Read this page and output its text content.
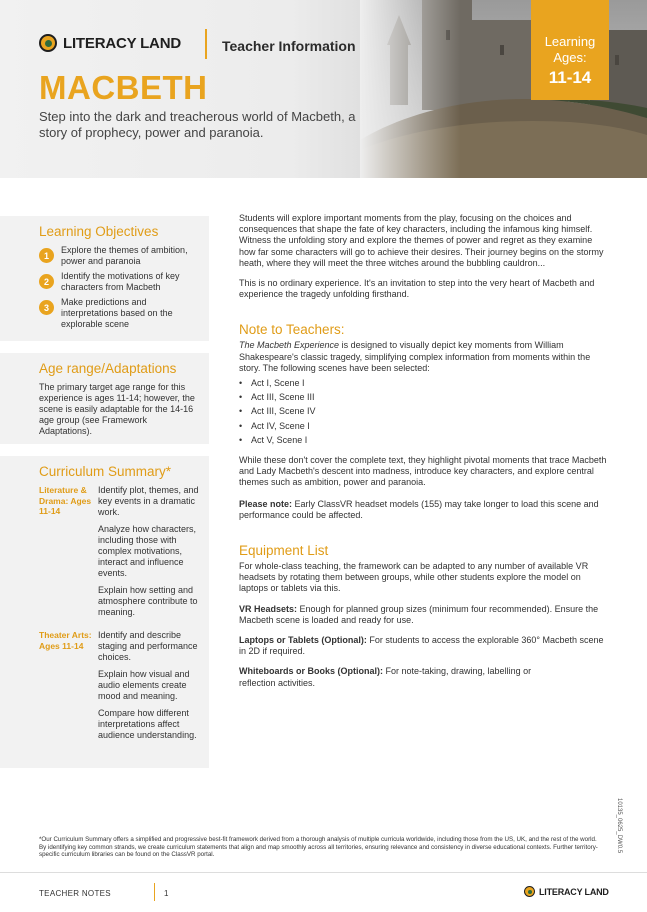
LITERACY LAND	Teacher Information
MACBETH
Step into the dark and treacherous world of Macbeth, a story of prophecy, power and paranoia.
Learning
Ages:
11-14
Learning Objectives
1
Explore the themes of ambition, power and paranoia
2
Identify the motivations of key characters from Macbeth
3
Make predictions and interpretations based on the explorable scene
Age range/Adaptations

The primary target age range for this experience is ages 11-14; however, the scene is easily adaptable for the 14-16 age group (see Framework Adaptations).

Curriculum Summary*
Literature & Drama: Ages 11-14

Identify plot, themes, and key events in a dramatic work.

Analyze how characters, including those with complex motivations, interact and influence events.

Explain how setting and atmosphere contribute to meaning.

Theater Arts: Ages 11-14

Identify and describe staging and performance choices.

Explain how visual and audio elements create mood and meaning.

Compare how different interpretations affect audience understanding.

Students will explore important moments from the play, focusing on the choices and consequences that shape the fate of key characters, including the infamous king himself. Witness the unfolding story and explore the themes of power and regret as they examine how far some characters will go to achieve their desires. Their journey begins on the stormy heath, where they will meet the three witches around the bubbling cauldron...

This is no ordinary experience. It's an invitation to step into the very heart of Macbeth and experience the tragedy unfolding firsthand.

Note to Teachers:

The Macbeth Experience is designed to visually depict key moments from William Shakespeare's classic tragedy, simplifying complex information from moments within the story. The following scenes have been selected:

• Act I, Scene I
• Act III, Scene III
• Act III, Scene IV
• Act IV, Scene I
• Act V, Scene I

While these don't cover the complete text, they highlight pivotal moments that trace Macbeth and Lady Macbeth's descent into madness, introduce key characters, and explore central themes such as ambition, power and paranoia.

Please note: Early ClassVR headset models (155) may take longer to load this scene and performance could be affected.

Equipment List

For whole-class teaching, the framework can be adapted to any number of available VR headsets by rotating them between groups, while other students explore the model on laptops or tablets via this.

VR Headsets: Enough for planned group sizes (minimum four recommended). Ensure the Macbeth scene is loaded and ready for use.

Laptops or Tablets (Optional): For students to access the explorable 360° Macbeth scene in 2D if required.

Whiteboards or Books (Optional): For note-taking, drawing, labelling or reflection activities.

10135_0625_DW0.5
*Our Curriculum Summary offers a simplified and progressive best-fit framework derived from a thorough analysis of multiple curricula worldwide, including those from the US, UK, and the rest of the world. By identifying key common strands, we create curriculum statements that align and map smoothly across all territories, ensuring relevance and consistency in diverse educational contexts. Further territory-specific curriculum libraries can be found on the ClassVR portal.
TEACHER NOTES	1	LITERACY LAND
